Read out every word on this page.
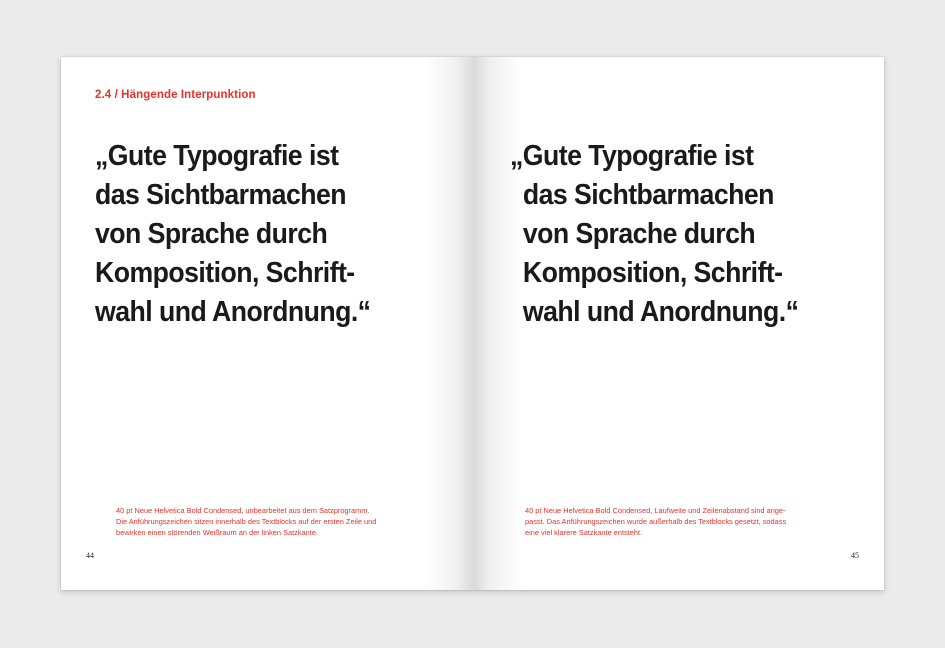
2.4 / Hängende Interpunktion

„Gute Typografie ist
das Sichtbarmachen
von Sprache durch
Komposition, Schrift-
wahl und Anordnung.“

40 pt Neue Helvetica Bold Condensed, unbearbeitet aus dem Satzprogramm.
Die Anführungszeichen sitzen innerhalb des Textblocks auf der ersten Zeile und
bewirken einen störenden Weißraum an der linken Satzkante.

44

„Gute Typografie ist
das Sichtbarmachen
von Sprache durch
Komposition, Schrift-
wahl und Anordnung.“

40 pt Neue Helvetica Bold Condensed, Laufweite und Zeilenabstand sind ange-
passt. Das Anführungszeichen wurde außerhalb des Textblocks gesetzt, sodass
eine viel klarere Satzkante entsteht.

45
